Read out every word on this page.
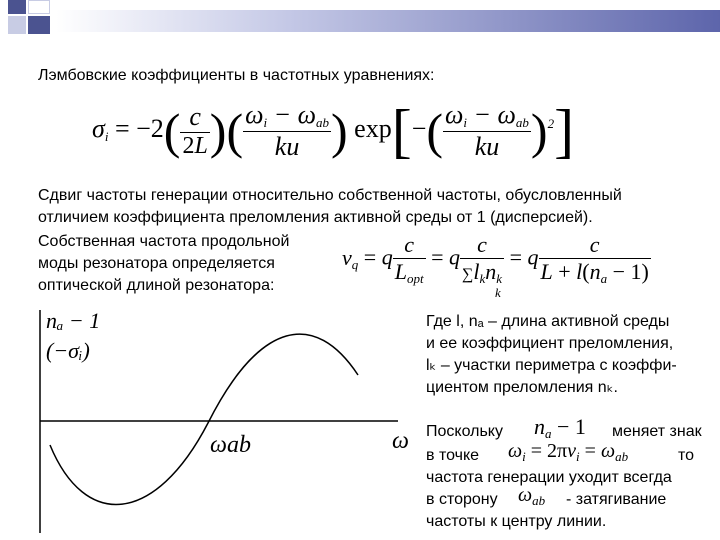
Лэмбовские коэффициенты в частотных уравнениях:
$\sigma_i = -2( \frac{c}{2L}$ )( $\frac{\omega_i - \omega_{ab}}{ku}$ ) $\exp[-( \frac{\omega_i - \omega_{ab}}{ku} )^2]$
Сдвиг частоты генерации относительно собственной частоты, обусловленный
отличием коэффициента преломления активной среды от 1 (дисперсией).
Собственная частота продольной
моды резонатора определяется
оптической длиной резонатора:
$\nu_q = q \frac{c}{L_{opt}} = q \frac{c}{\sum l_kn_k} = q \frac{c}{L + l(n_a - 1)}$
k
nₐ − 1
(−σᵢ)
ωab	ω
Где l, nₐ – длина активной среды
и ее коэффициент преломления,
lₖ – участки периметра с коэффи-
циентом преломления nₖ.
Поскольку $n_a - 1$ меняет знак
в точке $\omega_i = 2\pi\nu_i = \omega_{ab}$	то
частота генерации уходит всегда
в сторону $\omega_{ab}$ - затягивание
частоты к центру линии.
